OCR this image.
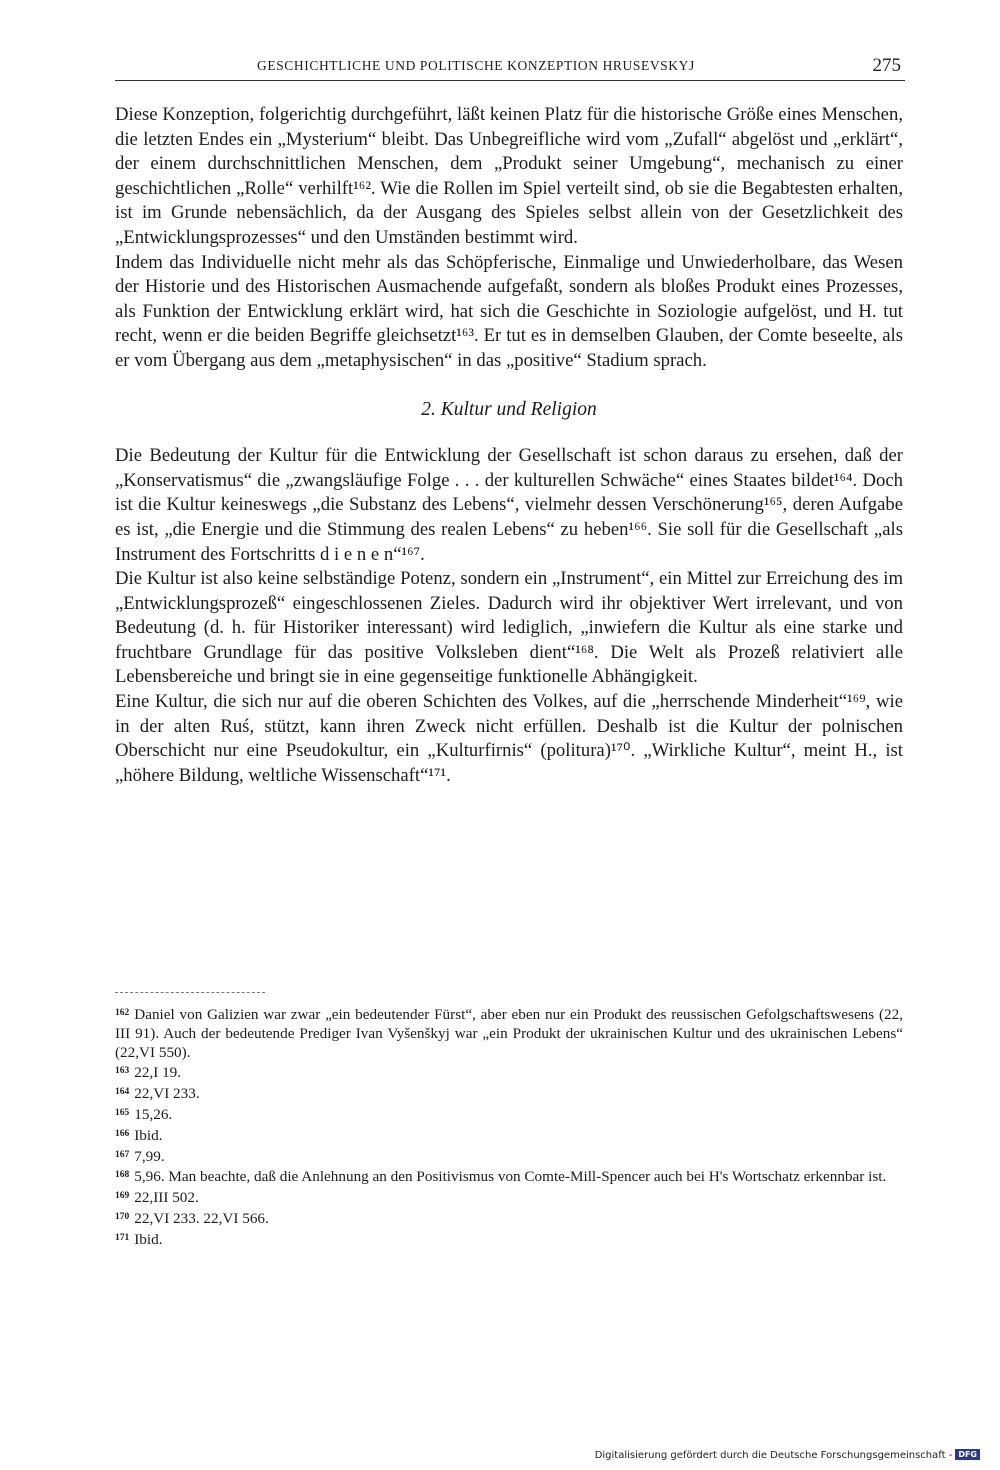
GESCHICHTLICHE UND POLITISCHE KONZEPTION HRUSEVSKYJ	275

Diese Konzeption, folgerichtig durchgeführt, läßt keinen Platz für die historische Größe eines Menschen, die letzten Endes ein „Mysterium“ bleibt. Das Unbegreifliche wird vom „Zufall“ abgelöst und „erklärt“, der einem durchschnittlichen Menschen, dem „Produkt seiner Umgebung“, mechanisch zu einer geschichtlichen „Rolle“ verhilft¹⁶². Wie die Rollen im Spiel verteilt sind, ob sie die Begabtesten erhalten, ist im Grunde nebensächlich, da der Ausgang des Spieles selbst allein von der Gesetzlichkeit des „Entwicklungsprozesses“ und den Umständen bestimmt wird.

Indem das Individuelle nicht mehr als das Schöpferische, Einmalige und Unwiederholbare, das Wesen der Historie und des Historischen Ausmachende aufgefaßt, sondern als bloßes Produkt eines Prozesses, als Funktion der Entwicklung erklärt wird, hat sich die Geschichte in Soziologie aufgelöst, und H. tut recht, wenn er die beiden Begriffe gleichsetzt¹⁶³. Er tut es in demselben Glauben, der Comte beseelte, als er vom Übergang aus dem „metaphysischen“ in das „positive“ Stadium sprach.

2. Kultur und Religion

Die Bedeutung der Kultur für die Entwicklung der Gesellschaft ist schon daraus zu ersehen, daß der „Konservatismus“ die „zwangsläufige Folge . . . der kulturellen Schwäche“ eines Staates bildet¹⁶⁴. Doch ist die Kultur keineswegs „die Substanz des Lebens“, vielmehr dessen Verschönerung¹⁶⁵, deren Aufgabe es ist, „die Energie und die Stimmung des realen Lebens“ zu heben¹⁶⁶. Sie soll für die Gesellschaft „als Instrument des Fortschritts d i e n e n“¹⁶⁷.

Die Kultur ist also keine selbständige Potenz, sondern ein „Instrument“, ein Mittel zur Erreichung des im „Entwicklungsprozeß“ eingeschlossenen Zieles. Dadurch wird ihr objektiver Wert irrelevant, und von Bedeutung (d. h. für Historiker interessant) wird lediglich, „inwiefern die Kultur als eine starke und fruchtbare Grundlage für das positive Volksleben dient“¹⁶⁸. Die Welt als Prozeß relativiert alle Lebensbereiche und bringt sie in eine gegenseitige funktionelle Abhängigkeit.

Eine Kultur, die sich nur auf die oberen Schichten des Volkes, auf die „herrschende Minderheit“¹⁶⁹, wie in der alten Ruś, stützt, kann ihren Zweck nicht erfüllen. Deshalb ist die Kultur der polnischen Oberschicht nur eine Pseudokultur, ein „Kulturfirnis“ (politura)¹⁷⁰. „Wirkliche Kultur“, meint H., ist „höhere Bildung, weltliche Wissenschaft“¹⁷¹.

$^{162}$ Daniel von Galizien war zwar „ein bedeutender Fürst“, aber eben nur ein Produkt des reussischen Gefolgschaftswesens (22, III 91). Auch der bedeutende Prediger Ivan Vyšenškyj war „ein Produkt der ukrainischen Kultur und des ukrainischen Lebens“ (22,VI 550).

$^{163}$ 22,I 19.

$^{164}$ 22,VI 233.

$^{165}$ 15,26.

$^{166}$ Ibid.

$^{167}$ 7,99.

$^{168}$ 5,96. Man beachte, daß die Anlehnung an den Positivismus von Comte-Mill-Spencer auch bei H's Wortschatz erkennbar ist.

$^{169}$ 22,III 502.

$^{170}$ 22,VI 233. 22,VI 566.

$^{171}$ Ibid.

Digitalisierung gefördert durch die Deutsche Forschungsgemeinschaft - DFG
